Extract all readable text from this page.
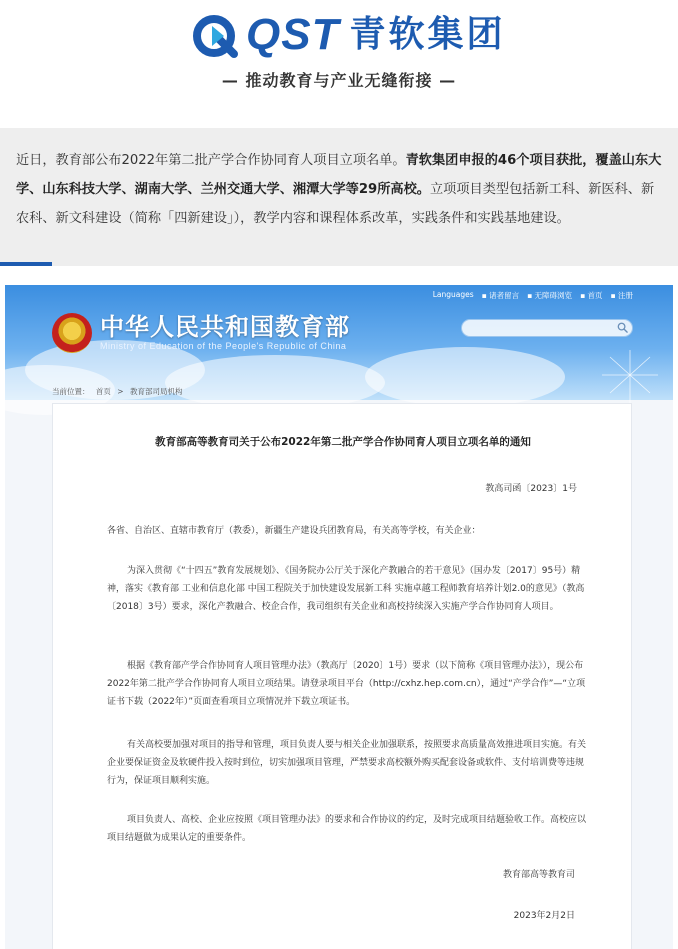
QST 青软集团
— 推动教育与产业无缝衔接 —

近日，教育部公布2022年第二批产学合作协同育人项目立项名单。青软集团申报的46个项目获批，覆盖山东大学、山东科技大学、湖南大学、兰州交通大学、湘潭大学等29所高校。立项项目类型包括新工科、新医科、新农科、新文科建设（简称「四新建设」），教学内容和课程体系改革，实践条件和实践基地建设。

中华人民共和国教育部
Ministry of Education of the People's Republic of China
Languages ▪ 诸者留言 ▪ 无障碍浏览 ▪ 首页 ▪ 注册
当前位置： 首页 > 教育部司局机构
教育部高等教育司关于公布2022年第二批产学合作协同育人项目立项名单的通知
教高司函〔2023〕1号
各省、自治区、直辖市教育厅（教委），新疆生产建设兵团教育局，有关高等学校，有关企业：
为深入贯彻《“十四五”教育发展规划》、《国务院办公厅关于深化产教融合的若干意见》（国办发〔2017〕95号）精神，落实《教育部 工业和信息化部 中国工程院关于加快建设发展新工科 实施卓越工程师教育培养计划2.0的意见》（教高〔2018〕3号）要求，深化产教融合、校企合作，我司组织有关企业和高校持续深入实施产学合作协同育人项目。
根据《教育部产学合作协同育人项目管理办法》（教高厅〔2020〕1号）要求（以下简称《项目管理办法》），现公布2022年第二批产学合作协同育人项目立项结果。请登录项目平台（http://cxhz.hep.com.cn），通过“产学合作”—“立项证书下载（2022年）”页面查看项目立项情况并下载立项证书。
有关高校要加强对项目的指导和管理，项目负责人要与相关企业加强联系，按照要求高质量高效推进项目实施。有关企业要保证资金及软硬件投入按时到位，切实加强项目管理，严禁要求高校额外购买配套设备或软件、支付培训费等违规行为，保证项目顺利实施。
项目负责人、高校、企业应按照《项目管理办法》的要求和合作协议的约定，及时完成项目结题验收工作。高校应以项目结题做为成果认定的重要条件。
教育部高等教育司
2023年2月2日
